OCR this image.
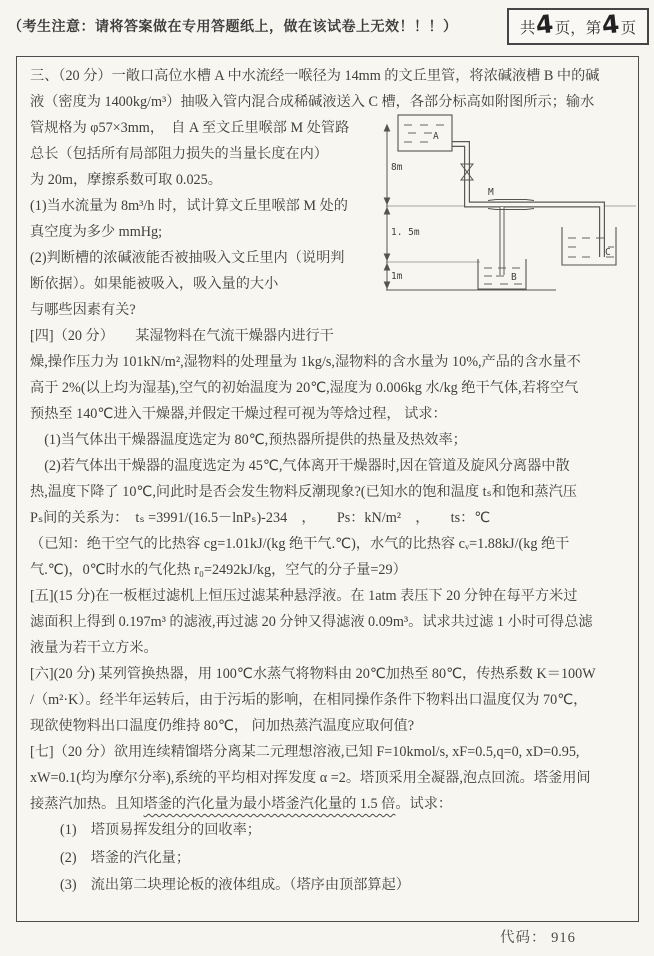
（考生注意：请将答案做在专用答题纸上，做在该试卷上无效！！！）	共 4 页，第 4 页
三、（20 分）一敞口高位水槽 A 中水流经一喉径为 14mm 的文丘里管，将浓碱液槽 B 中的碱
液（密度为 1400kg/m³）抽吸入管内混合成稀碱液送入 C 槽，各部分标高如附图所示；输水
管规格为 φ57×3mm，　自 A 至文丘里喉部 M 处管路
总长（包括所有局部阻力损失的当量长度在内）
为 20m，摩擦系数可取 0.025。
(1)当水流量为 8m³/h 时，试计算文丘里喉部 M 处的
真空度为多少 mmHg;
(2)判断槽的浓碱液能否被抽吸入文丘里内（说明判
断依据）。如果能被吸入，吸入量的大小
与哪些因素有关?
8m
1. 5m
1m
M
A
B
C
[四]（20 分）　　某湿物料在气流干燥器内进行干
燥,操作压力为 101kN/m²,湿物料的处理量为 1kg/s,湿物料的含水量为 10%,产品的含水量不
高于 2%(以上均为湿基),空气的初始温度为 20℃,湿度为 0.006kg 水/kg 绝干气体,若将空气
预热至 140℃进入干燥器,并假定干燥过程可视为等焓过程， 试求：
　(1)当气体出干燥器温度选定为 80℃,预热器所提供的热量及热效率；
　(2)若气体出干燥器的温度选定为 45℃,气体离开干燥器时,因在管道及旋风分离器中散
热,温度下降了 10℃,问此时是否会发生物料反潮现象?(已知水的饱和温度 tₛ和饱和蒸汽压
Pₛ间的关系为：　tₛ =3991/(16.5－lnPₛ)-234　，　　Ps：kN/m²　，　　ts：℃
（已知：绝干空气的比热容 cg=1.01kJ/(kg 绝干气.℃)，水气的比热容 cᵥ=1.88kJ/(kg 绝干
气.℃)，0℃时水的气化热 r₀=2492kJ/kg，空气的分子量=29）
[五](15 分)在一板框过滤机上恒压过滤某种悬浮液。在 1atm 表压下 20 分钟在每平方米过
滤面积上得到 0.197m³ 的滤液,再过滤 20 分钟又得滤液 0.09m³。试求共过滤 1 小时可得总滤
液量为若干立方米。
[六](20 分) 某列管换热器，用 100℃水蒸气将物料由 20℃加热至 80℃，传热系数 K＝100W
/（m²·K）。经半年运转后，由于污垢的影响，在相同操作条件下物料出口温度仅为 70℃，
现欲使物料出口温度仍维持 80℃， 问加热蒸汽温度应取何值?
[七]（20 分）欲用连续精馏塔分离某二元理想溶液,已知 F=10kmol/s, xF=0.5,q=0, xD=0.95,
xW=0.1(均为摩尔分率),系统的平均相对挥发度 α =2。塔顶采用全凝器,泡点回流。塔釜用间
接蒸汽加热。且知塔釜的汽化量为最小塔釜汽化量的 1.5 倍。试求：
(1)　塔顶易挥发组分的回收率；
(2)　塔釜的汽化量；
(3)　流出第二块理论板的液体组成。（塔序由顶部算起）
代码： 916
